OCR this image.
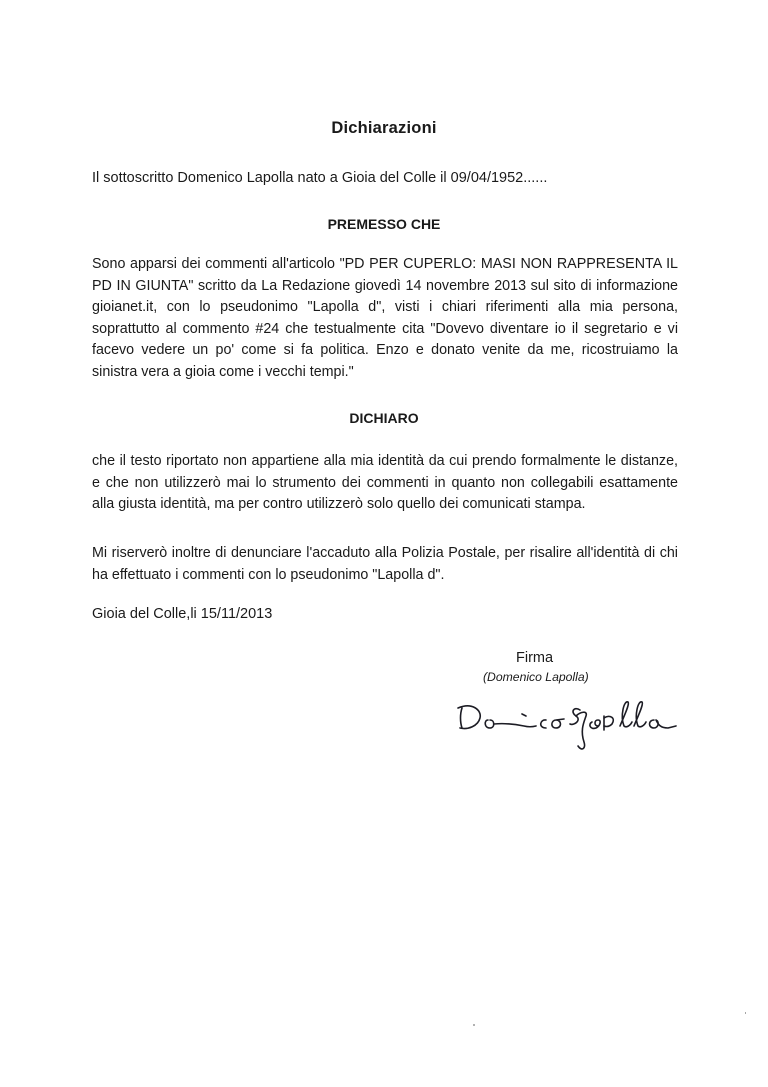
Dichiarazioni
Il sottoscritto Domenico Lapolla nato a Gioia del Colle il 09/04/1952......
PREMESSO CHE
Sono apparsi dei commenti all'articolo "PD PER CUPERLO: MASI NON RAPPRESENTA IL PD IN GIUNTA" scritto da La Redazione giovedì 14 novembre 2013 sul sito di informazione gioianet.it, con lo pseudonimo "Lapolla d", visti i chiari riferimenti alla mia persona, soprattutto al commento #24 che testualmente cita "Dovevo diventare io il segretario e vi facevo vedere un po' come si fa politica. Enzo e donato venite da me, ricostruiamo la sinistra vera a gioia come i vecchi tempi."
DICHIARO
che il testo riportato non appartiene alla mia identità da cui prendo formalmente le distanze, e che non utilizzerò mai lo strumento dei commenti in quanto non collegabili esattamente alla giusta identità, ma per contro utilizzerò solo quello dei comunicati stampa.
Mi riserverò inoltre di denunciare l'accaduto alla Polizia Postale, per risalire all'identità di chi ha effettuato i commenti con lo pseudonimo "Lapolla d".
Gioia del Colle,li 15/11/2013
Firma
(Domenico Lapolla)
